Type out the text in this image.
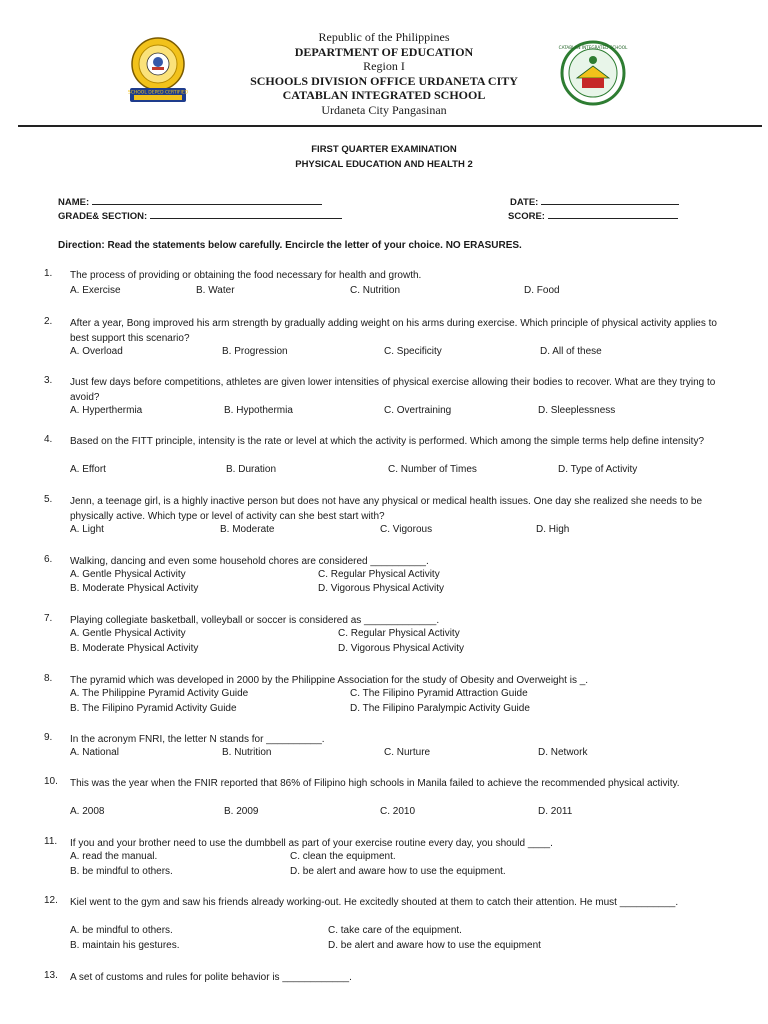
SCHOOL DEPED CERTIFIED
CATABLAN INTEGRATED SCHOOL
Republic of the Philippines
DEPARTMENT OF EDUCATION
Region I
SCHOOLS DIVISION OFFICE URDANETA CITY
CATABLAN INTEGRATED SCHOOL
Urdaneta City Pangasinan
FIRST QUARTER EXAMINATION
PHYSICAL EDUCATION AND HEALTH 2
NAME:
GRADE& SECTION:
DATE:
SCORE:
Direction: Read the statements below carefully. Encircle the letter of your choice. NO ERASURES.
1. The process of providing or obtaining the food necessary for health and growth.
A. Exercise	B. Water	C. Nutrition	D. Food
2. After a year, Bong improved his arm strength by gradually adding weight on his arms during exercise. Which principle of physical activity applies to best support this scenario?
A. Overload	B. Progression	C. Specificity	D. All of these
3. Just few days before competitions, athletes are given lower intensities of physical exercise allowing their bodies to recover. What are they trying to avoid?
A. Hyperthermia	B. Hypothermia	C. Overtraining	D. Sleeplessness
4. Based on the FITT principle, intensity is the rate or level at which the activity is performed. Which among the simple terms help define intensity?
A. Effort	B. Duration	C. Number of Times	D. Type of Activity
5. Jenn, a teenage girl, is a highly inactive person but does not have any physical or medical health issues. One day she realized she needs to be physically active. Which type or level of activity can she best start with?
A. Light	B. Moderate	C. Vigorous	D. High
6. Walking, dancing and even some household chores are considered __________.
A. Gentle Physical Activity	C. Regular Physical Activity
B. Moderate Physical Activity	D. Vigorous Physical Activity
7. Playing collegiate basketball, volleyball or soccer is considered as _____________.
A. Gentle Physical Activity	C. Regular Physical Activity
B. Moderate Physical Activity	D. Vigorous Physical Activity
8. The pyramid which was developed in 2000 by the Philippine Association for the study of Obesity and Overweight is _.
A. The Philippine Pyramid Activity Guide	C. The Filipino Pyramid Attraction Guide
B. The Filipino Pyramid Activity Guide	D. The Filipino Paralympic Activity Guide
9. In the acronym FNRI, the letter N stands for __________.
A. National	B. Nutrition	C. Nurture	D. Network
10. This was the year when the FNIR reported that 86% of Filipino high schools in Manila failed to achieve the recommended physical activity.
A. 2008	B. 2009	C. 2010	D. 2011
11. If you and your brother need to use the dumbbell as part of your exercise routine every day, you should ____.
A. read the manual.	C. clean the equipment.
B. be mindful to others.	D. be alert and aware how to use the equipment.
12. Kiel went to the gym and saw his friends already working-out. He excitedly shouted at them to catch their attention. He must __________.
A. be mindful to others.	C. take care of the equipment.
B. maintain his gestures.	D. be alert and aware how to use the equipment
13. A set of customs and rules for polite behavior is ____________.
